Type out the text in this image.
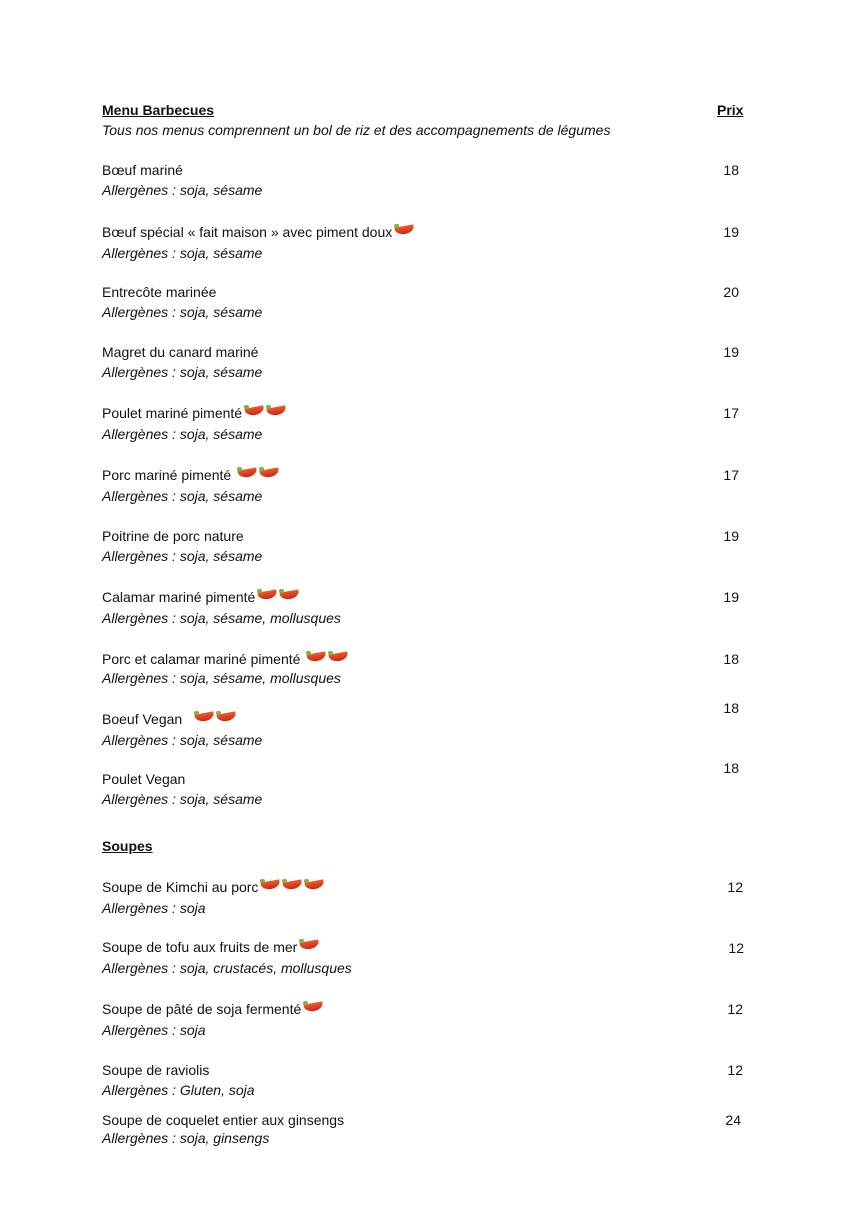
Menu Barbecues	Prix
Tous nos menus comprennent un bol de riz et des accompagnements de légumes
Bœuf mariné
Allergènes : soja, sésame
18
Bœuf spécial « fait maison » avec piment doux
Allergènes : soja, sésame
19
Entrecôte marinée
Allergènes : soja, sésame
20
Magret du canard mariné
Allergènes : soja, sésame
19
Poulet mariné pimenté
Allergènes : soja, sésame
17
Porc mariné pimenté
Allergènes : soja, sésame
17
Poitrine de porc nature
Allergènes : soja, sésame
19
Calamar mariné pimenté
Allergènes : soja, sésame, mollusques
19
Porc et calamar mariné pimenté
Allergènes : soja, sésame, mollusques
18
Boeuf Vegan
Allergènes : soja, sésame
18
Poulet Vegan
Allergènes : soja, sésame
18
Soupes
Soupe de Kimchi au porc
Allergènes : soja
12
Soupe de tofu aux fruits de mer
Allergènes : soja, crustacés, mollusques
12
Soupe de pâté de soja fermenté
Allergènes : soja
12
Soupe de raviolis
Allergènes : Gluten, soja
12
Soupe de coquelet entier aux ginsengs
Allergènes : soja, ginsengs
24
